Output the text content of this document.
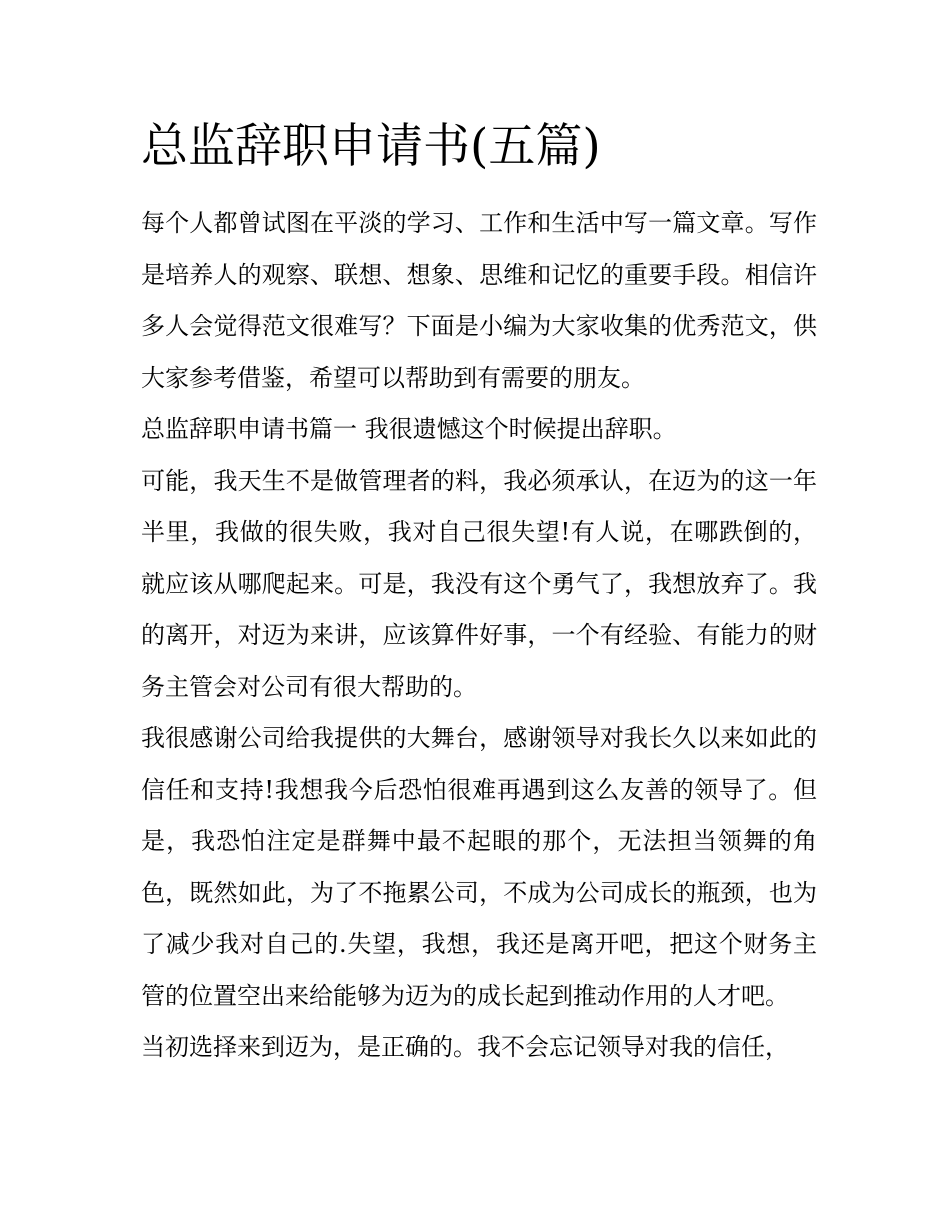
总监辞职申请书(五篇)

每个人都曾试图在平淡的学习、工作和生活中写一篇文章。写作是培养人的观察、联想、想象、思维和记忆的重要手段。相信许多人会觉得范文很难写？下面是小编为大家收集的优秀范文，供大家参考借鉴，希望可以帮助到有需要的朋友。

总监辞职申请书篇一 我很遗憾这个时候提出辞职。

可能，我天生不是做管理者的料，我必须承认，在迈为的这一年半里，我做的很失败，我对自己很失望!有人说，在哪跌倒的，就应该从哪爬起来。可是，我没有这个勇气了，我想放弃了。我的离开，对迈为来讲，应该算件好事，一个有经验、有能力的财务主管会对公司有很大帮助的。

我很感谢公司给我提供的大舞台，感谢领导对我长久以来如此的信任和支持!我想我今后恐怕很难再遇到这么友善的领导了。但是，我恐怕注定是群舞中最不起眼的那个，无法担当领舞的角色，既然如此，为了不拖累公司，不成为公司成长的瓶颈，也为了减少我对自己的.失望，我想，我还是离开吧，把这个财务主管的位置空出来给能够为迈为的成长起到推动作用的人才吧。

当初选择来到迈为，是正确的。我不会忘记领导对我的信任，
